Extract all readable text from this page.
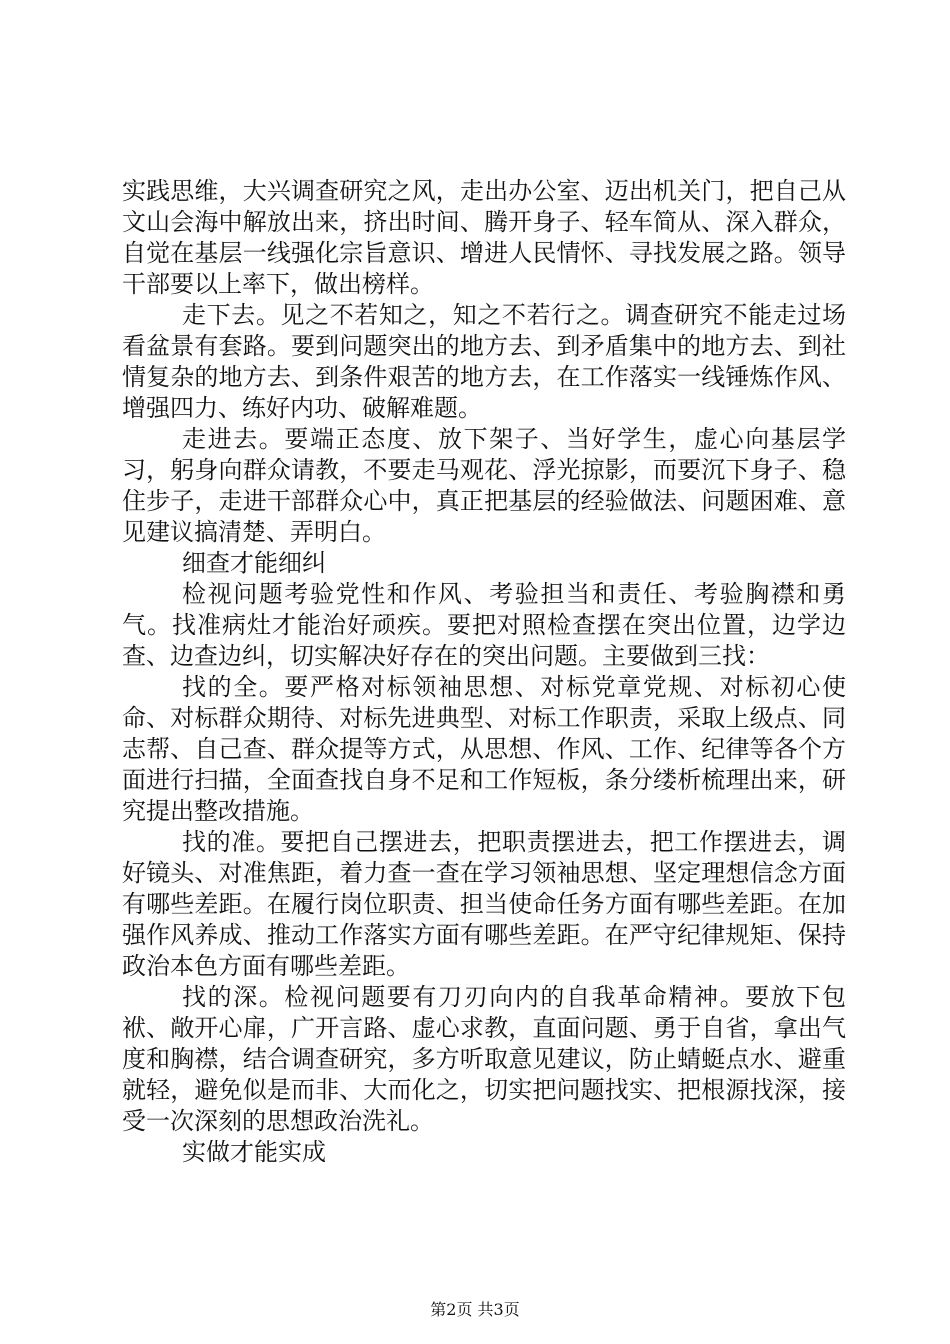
实践思维，大兴调查研究之风，走出办公室、迈出机关门，把自己从文山会海中解放出来，挤出时间、腾开身子、轻车简从、深入群众，自觉在基层一线强化宗旨意识、增进人民情怀、寻找发展之路。领导干部要以上率下，做出榜样。

走下去。见之不若知之，知之不若行之。调查研究不能走过场看盆景有套路。要到问题突出的地方去、到矛盾集中的地方去、到社情复杂的地方去、到条件艰苦的地方去，在工作落实一线锤炼作风、增强四力、练好内功、破解难题。

走进去。要端正态度、放下架子、当好学生，虚心向基层学习，躬身向群众请教，不要走马观花、浮光掠影，而要沉下身子、稳住步子，走进干部群众心中，真正把基层的经验做法、问题困难、意见建议搞清楚、弄明白。

细查才能细纠

检视问题考验党性和作风、考验担当和责任、考验胸襟和勇气。找准病灶才能治好顽疾。要把对照检查摆在突出位置，边学边查、边查边纠，切实解决好存在的突出问题。主要做到三找：

找的全。要严格对标领袖思想、对标党章党规、对标初心使命、对标群众期待、对标先进典型、对标工作职责，采取上级点、同志帮、自己查、群众提等方式，从思想、作风、工作、纪律等各个方面进行扫描，全面查找自身不足和工作短板，条分缕析梳理出来，研究提出整改措施。

找的准。要把自己摆进去，把职责摆进去，把工作摆进去，调好镜头、对准焦距，着力查一查在学习领袖思想、坚定理想信念方面有哪些差距。在履行岗位职责、担当使命任务方面有哪些差距。在加强作风养成、推动工作落实方面有哪些差距。在严守纪律规矩、保持政治本色方面有哪些差距。

找的深。检视问题要有刀刃向内的自我革命精神。要放下包袱、敞开心扉，广开言路、虚心求教，直面问题、勇于自省，拿出气度和胸襟，结合调查研究，多方听取意见建议，防止蜻蜓点水、避重就轻，避免似是而非、大而化之，切实把问题找实、把根源找深，接受一次深刻的思想政治洗礼。

实做才能实成

第2页 共3页
